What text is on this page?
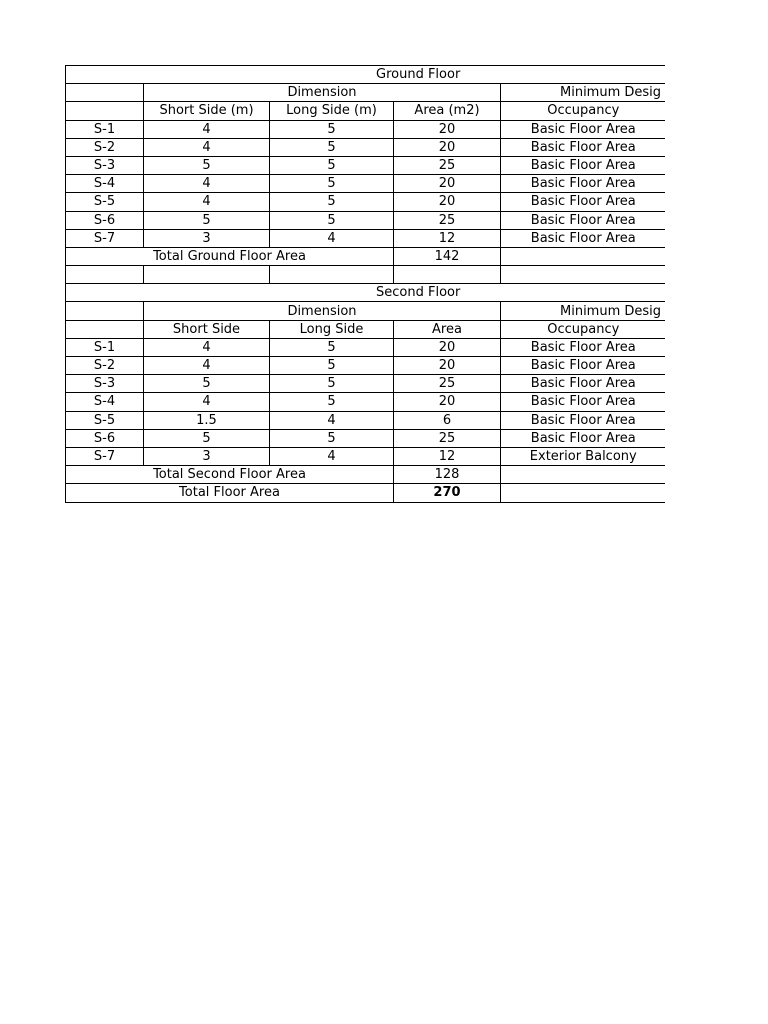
Ground Floor				
	Dimension			Minimum Desig
	Short Side (m)	Long Side (m)	Area (m2)	Occupancy
S-1	4	5	20	Basic Floor Area
S-2	4	5	20	Basic Floor Area
S-3	5	5	25	Basic Floor Area
S-4	4	5	20	Basic Floor Area
S-5	4	5	20	Basic Floor Area
S-6	5	5	25	Basic Floor Area
S-7	3	4	12	Basic Floor Area
Total Ground Floor Area			142	

Second Floor				
	Dimension			Minimum Desig
	Short Side	Long Side	Area	Occupancy
S-1	4	5	20	Basic Floor Area
S-2	4	5	20	Basic Floor Area
S-3	5	5	25	Basic Floor Area
S-4	4	5	20	Basic Floor Area
S-5	1.5	4	6	Basic Floor Area
S-6	5	5	25	Basic Floor Area
S-7	3	4	12	Exterior Balcony
Total Second Floor Area			128	
Total Floor Area			270	
